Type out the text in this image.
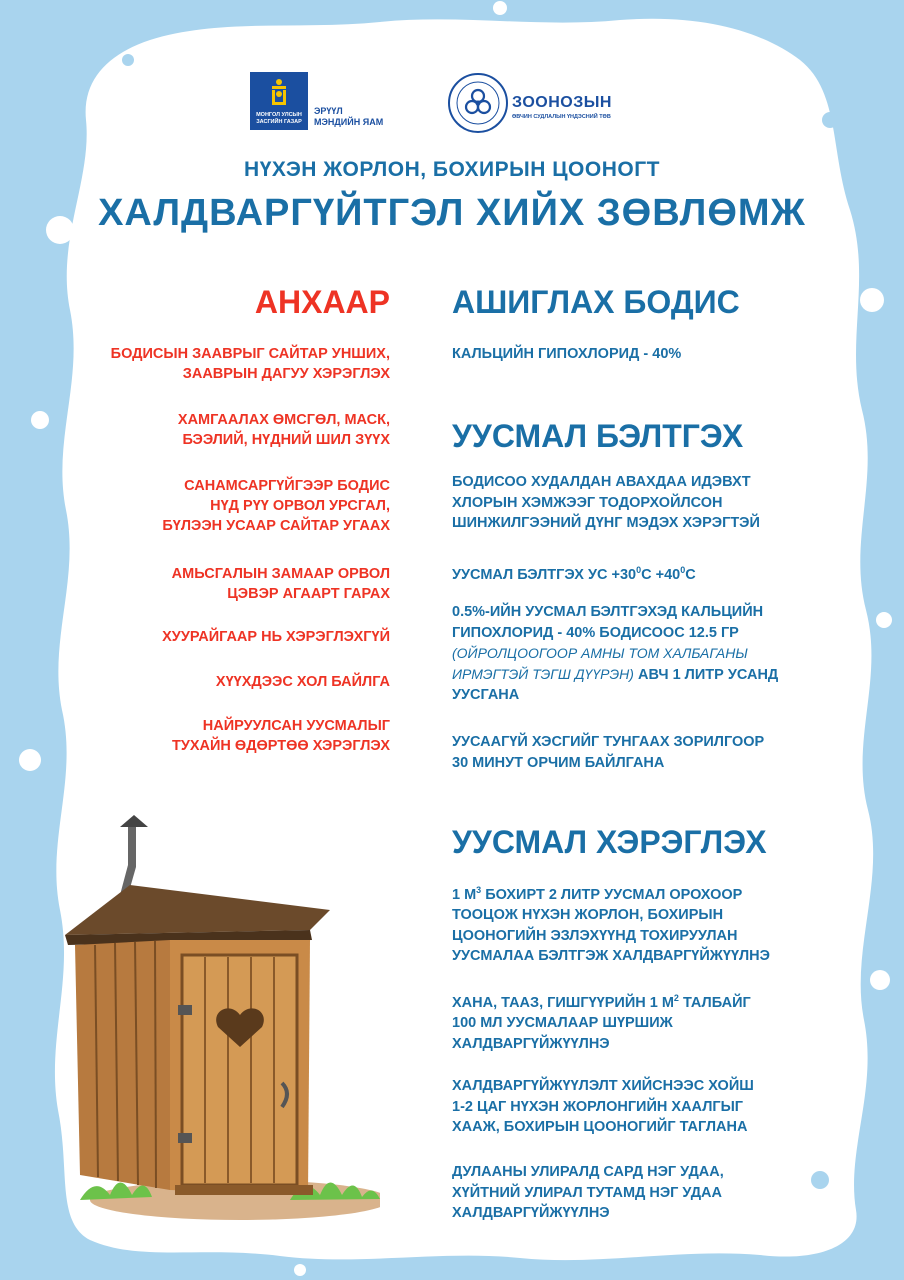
МОНГОЛ УЛСЫН
ЗАСГИЙН ГАЗАР
ЭРҮҮЛ
МЭНДИЙН ЯАМ
ЗООНОЗЫН
ӨВЧИН СУДЛАЛЫН ҮНДЭСНИЙ ТӨВ
НҮХЭН ЖОРЛОН, БОХИРЫН ЦООНОГТ
ХАЛДВАРГҮЙТГЭЛ ХИЙХ ЗӨВЛӨМЖ
АНХААР
БОДИСЫН ЗААВРЫГ САЙТАР УНШИХ,
ЗААВРЫН ДАГУУ ХЭРЭГЛЭХ
ХАМГААЛАХ ӨМСГӨЛ, МАСК,
БЭЭЛИЙ, НҮДНИЙ ШИЛ ЗҮҮХ
САНАМСАРГҮЙГЭЭР БОДИС
НҮД РҮҮ ОРВОЛ УРСГАЛ,
БҮЛЭЭН УСААР САЙТАР УГААХ
АМЬСГАЛЫН ЗАМААР ОРВОЛ
ЦЭВЭР АГААРТ ГАРАХ
ХУУРАЙГААР НЬ ХЭРЭГЛЭХГҮЙ
ХҮҮХДЭЭС ХОЛ БАЙЛГА
НАЙРУУЛСАН УУСМАЛЫГ
ТУХАЙН ӨДӨРТӨӨ ХЭРЭГЛЭХ
АШИГЛАХ БОДИС
КАЛЬЦИЙН ГИПОХЛОРИД - 40%
УУСМАЛ БЭЛТГЭХ
БОДИСОО ХУДАЛДАН АВАХДАА ИДЭВХТ
ХЛОРЫН ХЭМЖЭЭГ ТОДОРХОЙЛСОН
ШИНЖИЛГЭЭНИЙ ДҮНГ МЭДЭХ ХЭРЭГТЭЙ
УУСМАЛ БЭЛТГЭХ УС $+30^0С +40^0С$
0.5%-ИЙН УУСМАЛ БЭЛТГЭХЭД КАЛЬЦИЙН
ГИПОХЛОРИД - 40% БОДИСООС 12.5 ГР
(ОЙРОЛЦООГООР АМНЫ ТОМ ХАЛБАГАНЫ
ИРМЭГТЭЙ ТЭГШ ДҮҮРЭН) АВЧ 1 ЛИТР УСАНД
УУСГАНА
УУСААГҮЙ ХЭСГИЙГ ТУНГААХ ЗОРИЛГООР
30 МИНУТ ОРЧИМ БАЙЛГАНА
УУСМАЛ ХЭРЭГЛЭХ
1 $М^3$ БОХИРТ 2 ЛИТР УУСМАЛ ОРОХООР
ТООЦОЖ НҮХЭН ЖОРЛОН, БОХИРЫН
ЦООНОГИЙН ЭЗЛЭХҮҮНД ТОХИРУУЛАН
УУСМАЛАА БЭЛТГЭЖ ХАЛДВАРГҮЙЖҮҮЛНЭ
ХАНА, ТААЗ, ГИШГҮҮРИЙН 1 $М^2$ ТАЛБАЙГ
100 МЛ УУСМАЛААР ШҮРШИЖ
ХАЛДВАРГҮЙЖҮҮЛНЭ
ХАЛДВАРГҮЙЖҮҮЛЭЛТ ХИЙСНЭЭС ХОЙШ
1-2 ЦАГ НҮХЭН ЖОРЛОНГИЙН ХААЛГЫГ
ХААЖ, БОХИРЫН ЦООНОГИЙГ ТАГЛАНА
ДУЛААНЫ УЛИРАЛД САРД НЭГ УДАА,
ХҮЙТНИЙ УЛИРАЛ ТУТАМД НЭГ УДАА
ХАЛДВАРГҮЙЖҮҮЛНЭ
